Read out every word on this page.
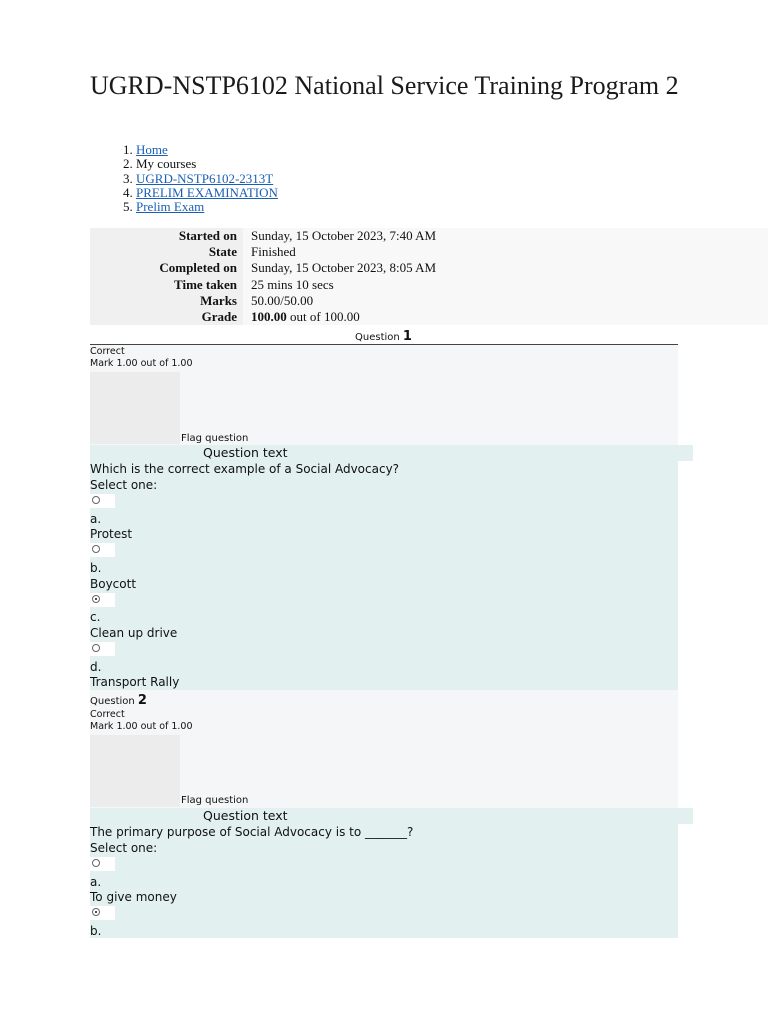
UGRD-NSTP6102 National Service Training Program 2
1. Home
2. My courses
3. UGRD-NSTP6102-2313T
4. PRELIM EXAMINATION
5. Prelim Exam
Started on	Sunday, 15 October 2023, 7:40 AM
State	Finished
Completed on	Sunday, 15 October 2023, 8:05 AM
Time taken	25 mins 10 secs
Marks	50.00/50.00
Grade	100.00 out of 100.00
Question 1
Correct
Mark 1.00 out of 1.00
Flag question
Question text
Which is the correct example of a Social Advocacy?
Select one:
a.
Protest
b.
Boycott
c.
Clean up drive
d.
Transport Rally
Question 2
Correct
Mark 1.00 out of 1.00
Flag question
Question text
The primary purpose of Social Advocacy is to _______?
Select one:
a.
To give money
b.
